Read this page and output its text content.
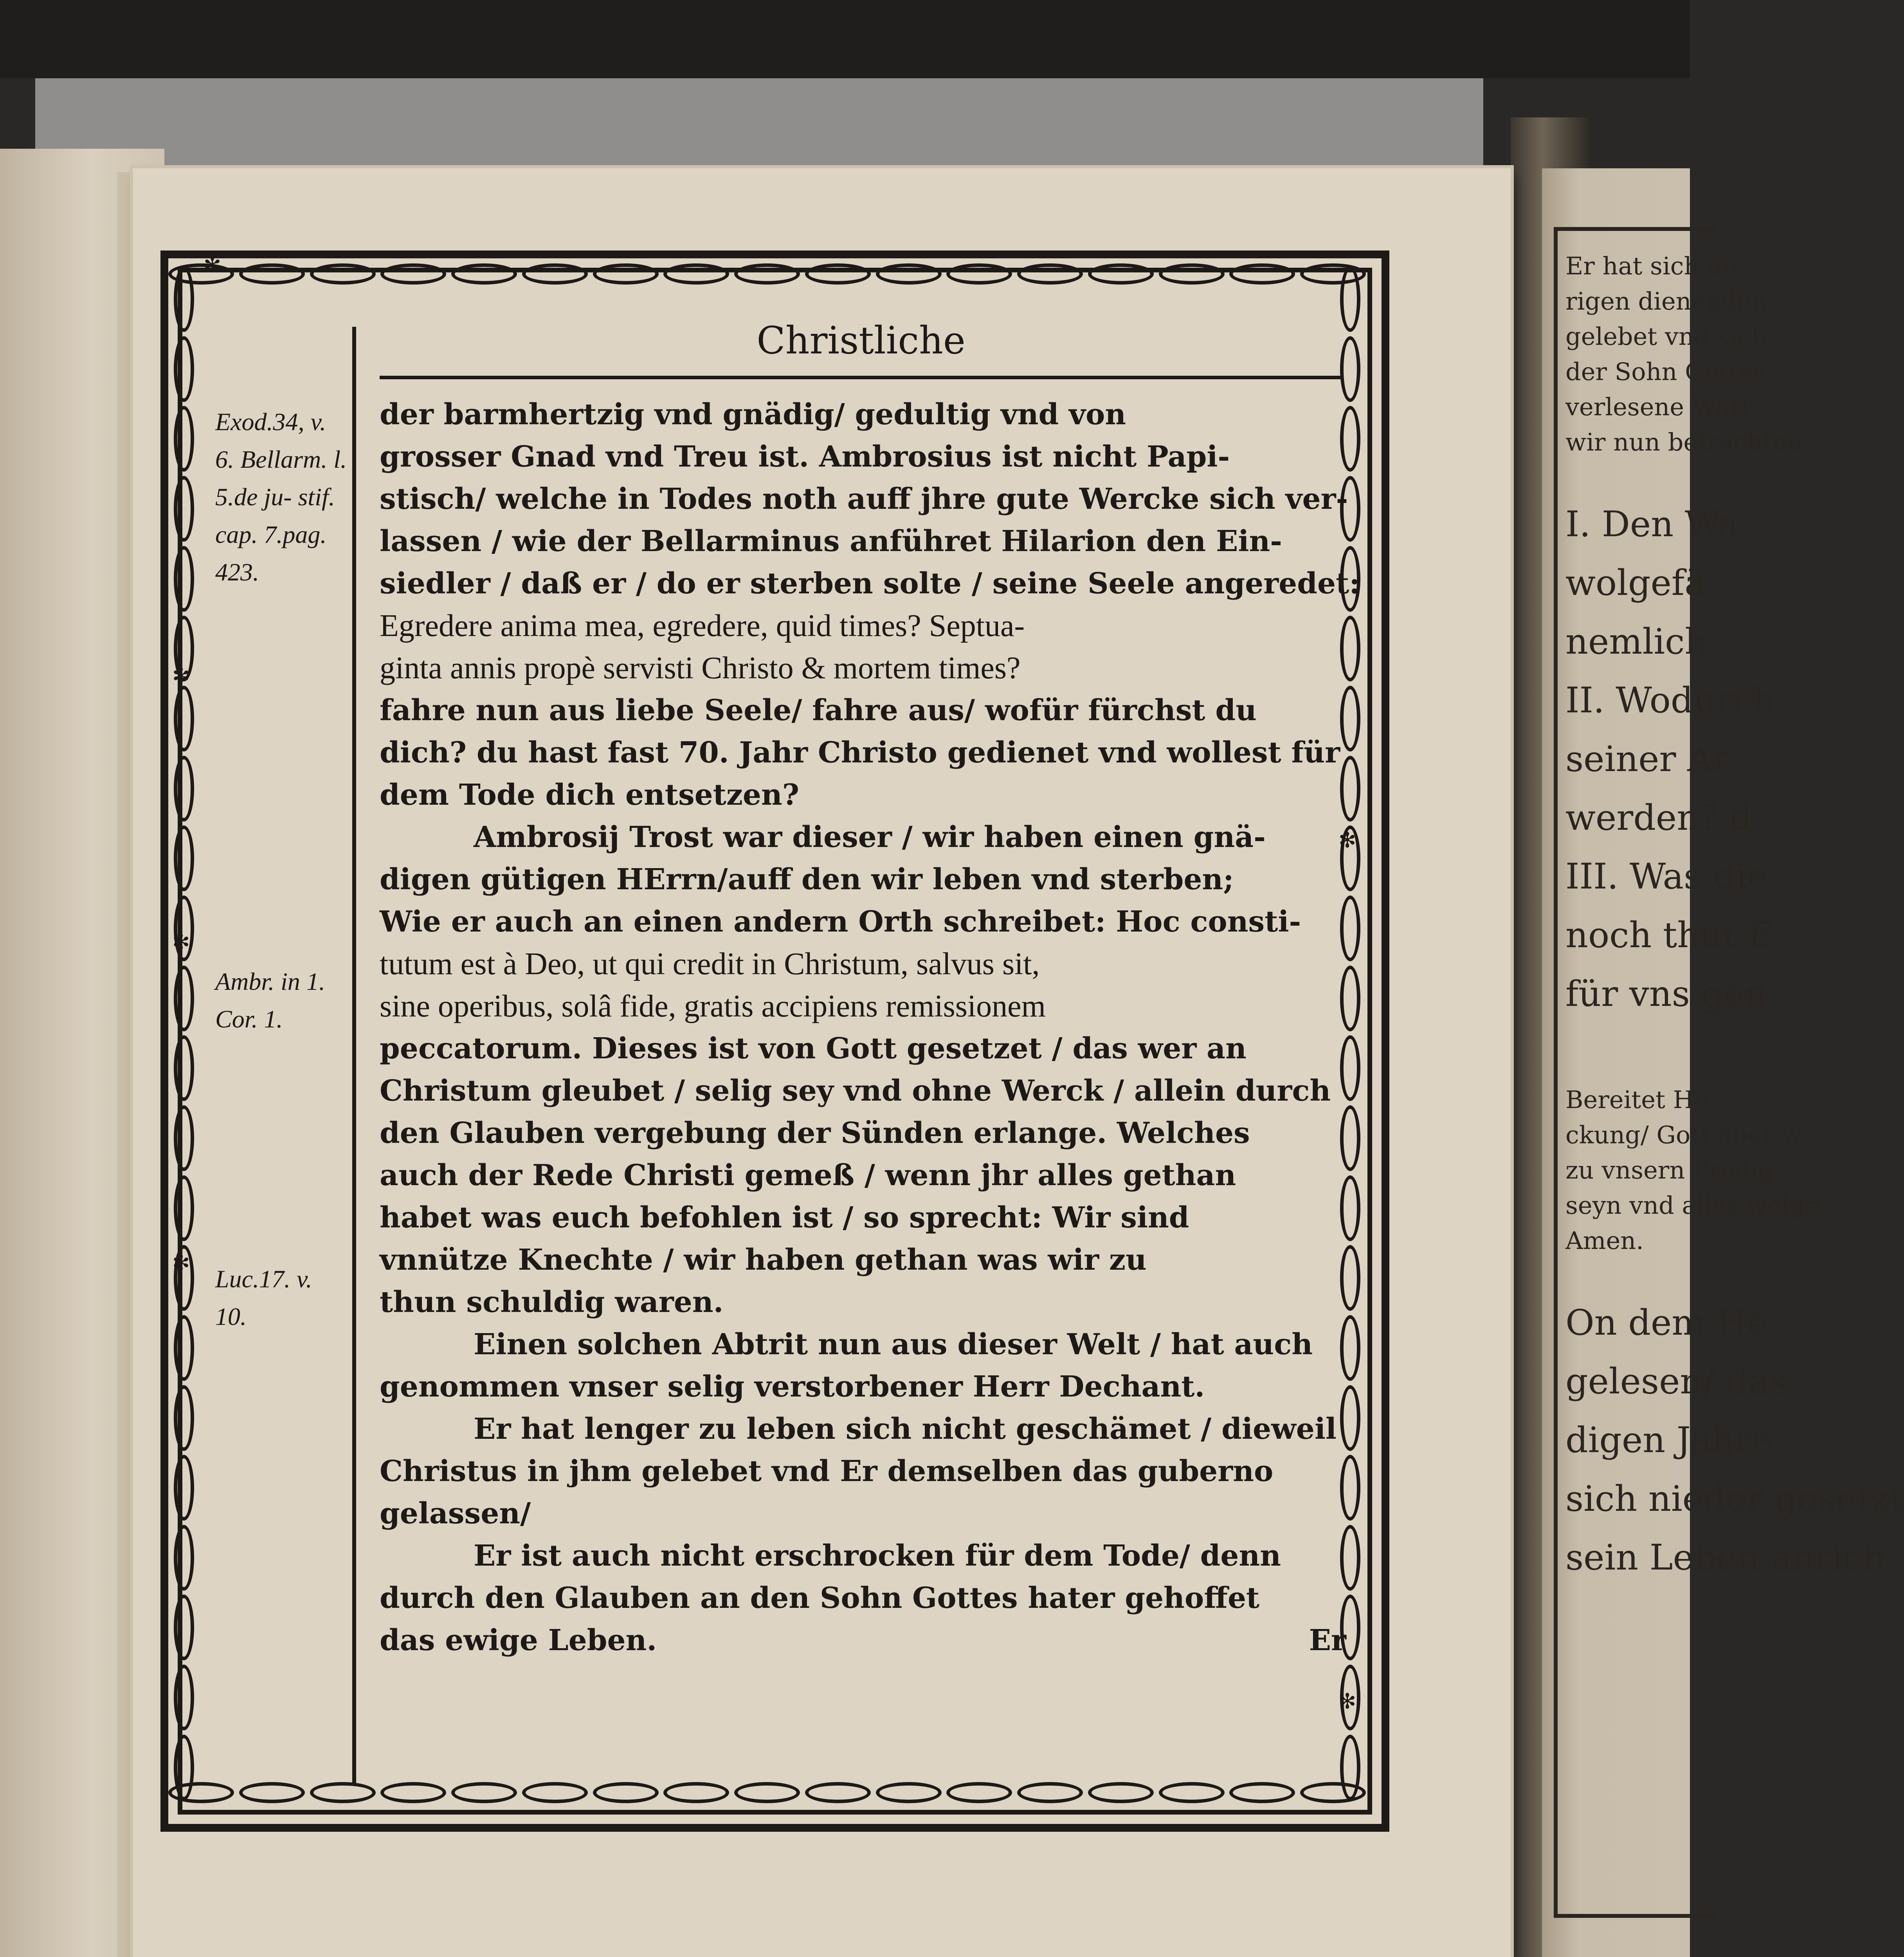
Er hat sich an
rigen dienenden
gelebet vnd sich
der Sohn Gottes
verlesene Wort
wir nun betrachten
I. Den Wa
wolgefä
nemlich
II. Wodurch
seiner Ar
werden? d
III. Was die
noch thut E
für vns gen
Bereitet He
ckung/ Gott aber w
zu vnsern Predig
seyn vnd alles wolge
Amen.
On dem He
gelesen/ das
digen Jahre
sich nieder gesetzt
sein Leben anrich
✻
✻
✻
✻
✻
✻
Christliche
Exod.34, v. 6. Bellarm. l. 5.de ju- stif. cap. 7.pag. 423.
Ambr. in 1. Cor. 1.
Luc.17. v. 10.
der barmhertzig vnd gnädig/ gedultig vnd von
grosser Gnad vnd Treu ist. Ambrosius ist nicht Papi-
stisch/ welche in Todes noth auff jhre gute Wercke sich ver-
lassen / wie der Bellarminus anführet Hilarion den Ein-
siedler / daß er / do er sterben solte / seine Seele angeredet:
Egredere anima mea, egredere, quid times? Septua-
ginta annis propè servisti Christo & mortem times?
fahre nun aus liebe Seele/ fahre aus/ wofür fürchst du
dich? du hast fast 70. Jahr Christo gedienet vnd wollest für
dem Tode dich entsetzen?
Ambrosij Trost war dieser / wir haben einen gnä-
digen gütigen HErrn/auff den wir leben vnd sterben;
Wie er auch an einen andern Orth schreibet: Hoc consti-
tutum est à Deo, ut qui credit in Christum, salvus sit,
sine operibus, solâ fide, gratis accipiens remissionem
peccatorum. Dieses ist von Gott gesetzet / das wer an
Christum gleubet / selig sey vnd ohne Werck / allein durch
den Glauben vergebung der Sünden erlange. Welches
auch der Rede Christi gemeß / wenn jhr alles gethan
habet was euch befohlen ist / so sprecht: Wir sind
vnnütze Knechte / wir haben gethan was wir zu
thun schuldig waren.
Einen solchen Abtrit nun aus dieser Welt / hat auch
genommen vnser selig verstorbener Herr Dechant.
Er hat lenger zu leben sich nicht geschämet / dieweil
Christus in jhm gelebet vnd Er demselben das guberno
gelassen/
Er ist auch nicht erschrocken für dem Tode/ denn
durch den Glauben an den Sohn Gottes hater gehoffet
das ewige Leben.	Er
